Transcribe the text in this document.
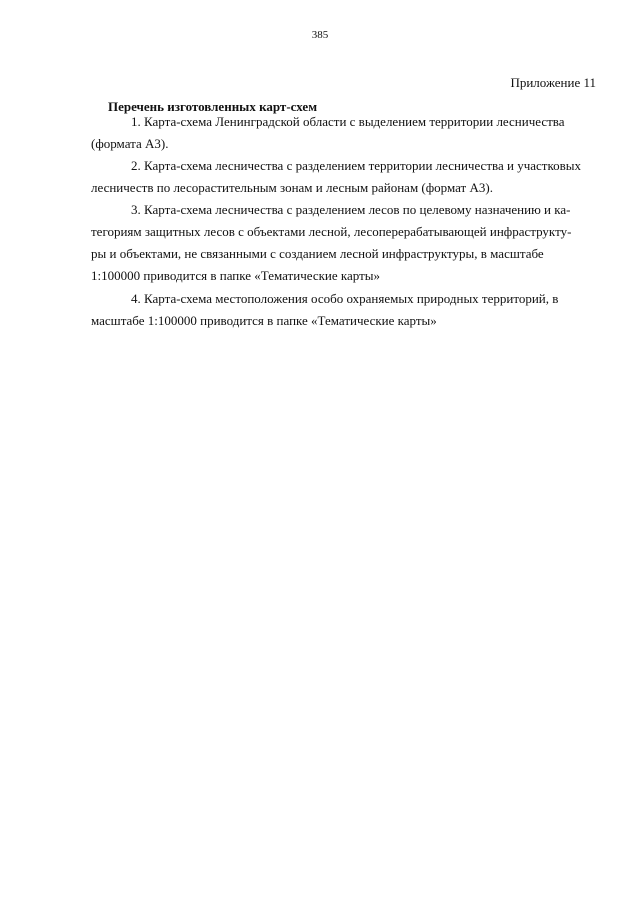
385
Приложение 11
Перечень изготовленных карт-схем
1. Карта-схема Ленинградской области с выделением территории лесничества
(формата А3).
2. Карта-схема лесничества с разделением территории лесничества и участковых
лесничеств по лесорастительным зонам и лесным районам (формат А3).
3. Карта-схема лесничества с разделением лесов по целевому назначению и ка-
тегориям защитных лесов с объектами лесной, лесоперерабатывающей инфраструкту-
ры и объектами, не связанными с созданием лесной инфраструктуры, в масштабе
1:100000 приводится в папке «Тематические карты»
4. Карта-схема местоположения особо охраняемых природных территорий, в
масштабе 1:100000 приводится в папке «Тематические карты»
